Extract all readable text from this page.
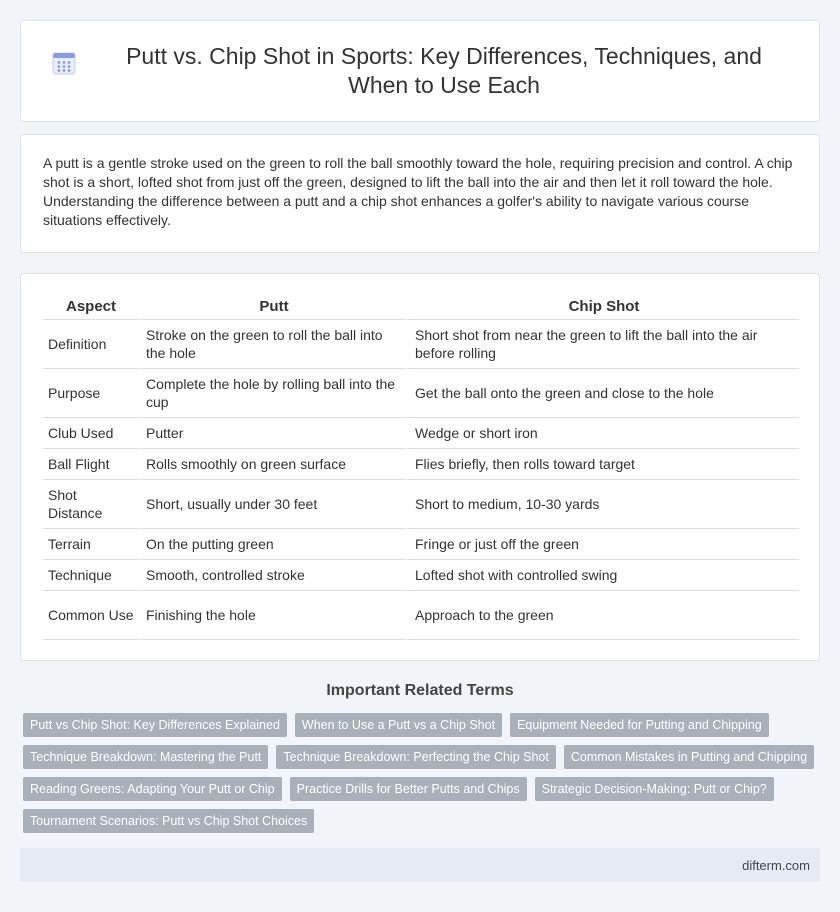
Putt vs. Chip Shot in Sports: Key Differences, Techniques, and When to Use Each

A putt is a gentle stroke used on the green to roll the ball smoothly toward the hole, requiring precision and control. A chip shot is a short, lofted shot from just off the green, designed to lift the ball into the air and then let it roll toward the hole. Understanding the difference between a putt and a chip shot enhances a golfer's ability to navigate various course situations effectively.

Aspect	Putt	Chip Shot
Definition	Stroke on the green to roll the ball into the hole	Short shot from near the green to lift the ball into the air before rolling
Purpose	Complete the hole by rolling ball into the cup	Get the ball onto the green and close to the hole
Club Used	Putter	Wedge or short iron
Ball Flight	Rolls smoothly on green surface	Flies briefly, then rolls toward target
Shot Distance	Short, usually under 30 feet	Short to medium, 10-30 yards
Terrain	On the putting green	Fringe or just off the green
Technique	Smooth, controlled stroke	Lofted shot with controlled swing
Common Use	Finishing the hole	Approach to the green
Important Related Terms
Putt vs Chip Shot: Key Differences Explained	When to Use a Putt vs a Chip Shot	Equipment Needed for Putting and Chipping
Technique Breakdown: Mastering the Putt	Technique Breakdown: Perfecting the Chip Shot	Common Mistakes in Putting and Chipping
Reading Greens: Adapting Your Putt or Chip	Practice Drills for Better Putts and Chips	Strategic Decision-Making: Putt or Chip?
Tournament Scenarios: Putt vs Chip Shot Choices
difterm.com
